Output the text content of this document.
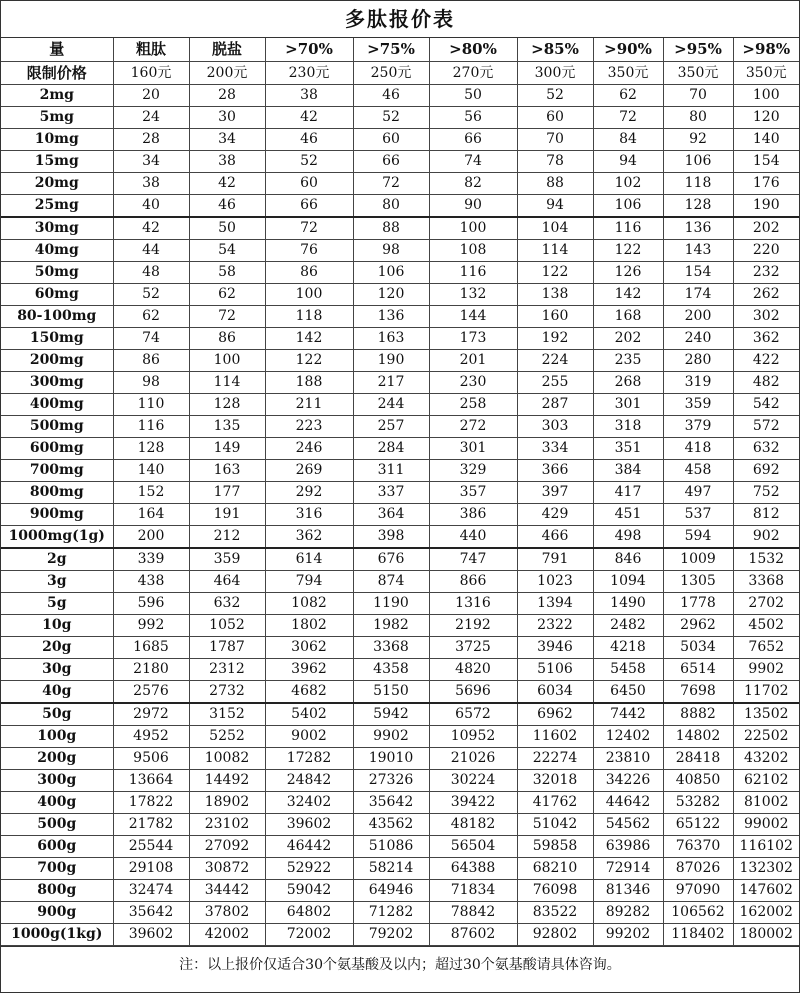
多肽报价表
量	粗肽	脱盐	>70%	>75%	>80%	>85%	>90%	>95%	>98%
限制价格	160元	200元	230元	250元	270元	300元	350元	350元	350元
2mg	20	28	38	46	50	52	62	70	100
5mg	24	30	42	52	56	60	72	80	120
10mg	28	34	46	60	66	70	84	92	140
15mg	34	38	52	66	74	78	94	106	154
20mg	38	42	60	72	82	88	102	118	176
25mg	40	46	66	80	90	94	106	128	190
30mg	42	50	72	88	100	104	116	136	202
40mg	44	54	76	98	108	114	122	143	220
50mg	48	58	86	106	116	122	126	154	232
60mg	52	62	100	120	132	138	142	174	262
80-100mg	62	72	118	136	144	160	168	200	302
150mg	74	86	142	163	173	192	202	240	362
200mg	86	100	122	190	201	224	235	280	422
300mg	98	114	188	217	230	255	268	319	482
400mg	110	128	211	244	258	287	301	359	542
500mg	116	135	223	257	272	303	318	379	572
600mg	128	149	246	284	301	334	351	418	632
700mg	140	163	269	311	329	366	384	458	692
800mg	152	177	292	337	357	397	417	497	752
900mg	164	191	316	364	386	429	451	537	812
1000mg(1g)	200	212	362	398	440	466	498	594	902
2g	339	359	614	676	747	791	846	1009	1532
3g	438	464	794	874	866	1023	1094	1305	3368
5g	596	632	1082	1190	1316	1394	1490	1778	2702
10g	992	1052	1802	1982	2192	2322	2482	2962	4502
20g	1685	1787	3062	3368	3725	3946	4218	5034	7652
30g	2180	2312	3962	4358	4820	5106	5458	6514	9902
40g	2576	2732	4682	5150	5696	6034	6450	7698	11702
50g	2972	3152	5402	5942	6572	6962	7442	8882	13502
100g	4952	5252	9002	9902	10952	11602	12402	14802	22502
200g	9506	10082	17282	19010	21026	22274	23810	28418	43202
300g	13664	14492	24842	27326	30224	32018	34226	40850	62102
400g	17822	18902	32402	35642	39422	41762	44642	53282	81002
500g	21782	23102	39602	43562	48182	51042	54562	65122	99002
600g	25544	27092	46442	51086	56504	59858	63986	76370	116102
700g	29108	30872	52922	58214	64388	68210	72914	87026	132302
800g	32474	34442	59042	64946	71834	76098	81346	97090	147602
900g	35642	37802	64802	71282	78842	83522	89282	106562	162002
1000g(1kg)	39602	42002	72002	79202	87602	92802	99202	118402	180002
注：以上报价仅适合30个氨基酸及以内；超过30个氨基酸请具体咨询。
